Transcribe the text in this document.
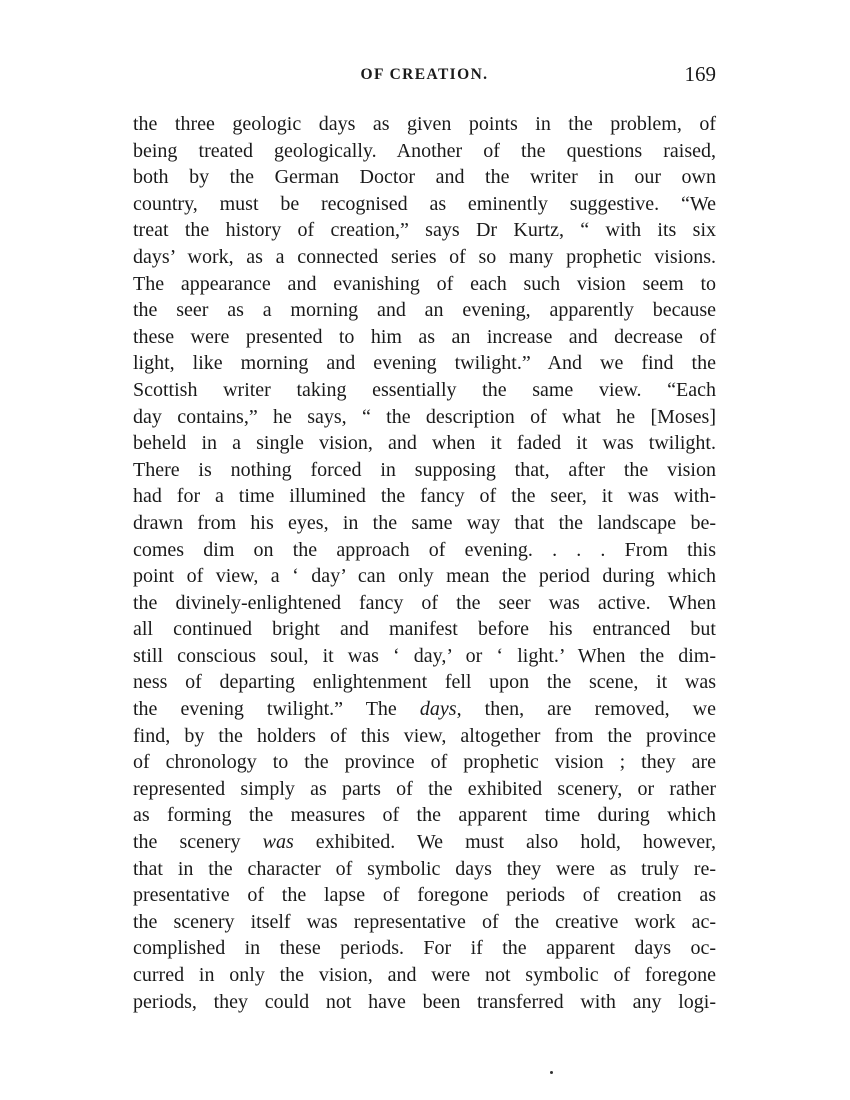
OF CREATION.	169
the three geologic days as given points in the problem, of
being treated geologically. Another of the questions raised,
both by the German Doctor and the writer in our own
country, must be recognised as eminently suggestive. “We
treat the history of creation,” says Dr Kurtz, “ with its six
days’ work, as a connected series of so many prophetic visions.
The appearance and evanishing of each such vision seem to
the seer as a morning and an evening, apparently because
these were presented to him as an increase and decrease of
light, like morning and evening twilight.” And we find the
Scottish writer taking essentially the same view. “Each
day contains,” he says, “ the description of what he [Moses]
beheld in a single vision, and when it faded it was twilight.
There is nothing forced in supposing that, after the vision
had for a time illumined the fancy of the seer, it was with-
drawn from his eyes, in the same way that the landscape be-
comes dim on the approach of evening. . . . From this
point of view, a ‘ day’ can only mean the period during which
the divinely-enlightened fancy of the seer was active. When
all continued bright and manifest before his entranced but
still conscious soul, it was ‘ day,’ or ‘ light.’ When the dim-
ness of departing enlightenment fell upon the scene, it was
the evening twilight.” The days, then, are removed, we
find, by the holders of this view, altogether from the province
of chronology to the province of prophetic vision ; they are
represented simply as parts of the exhibited scenery, or rather
as forming the measures of the apparent time during which
the scenery was exhibited. We must also hold, however,
that in the character of symbolic days they were as truly re-
presentative of the lapse of foregone periods of creation as
the scenery itself was representative of the creative work ac-
complished in these periods. For if the apparent days oc-
curred in only the vision, and were not symbolic of foregone
periods, they could not have been transferred with any logi-
